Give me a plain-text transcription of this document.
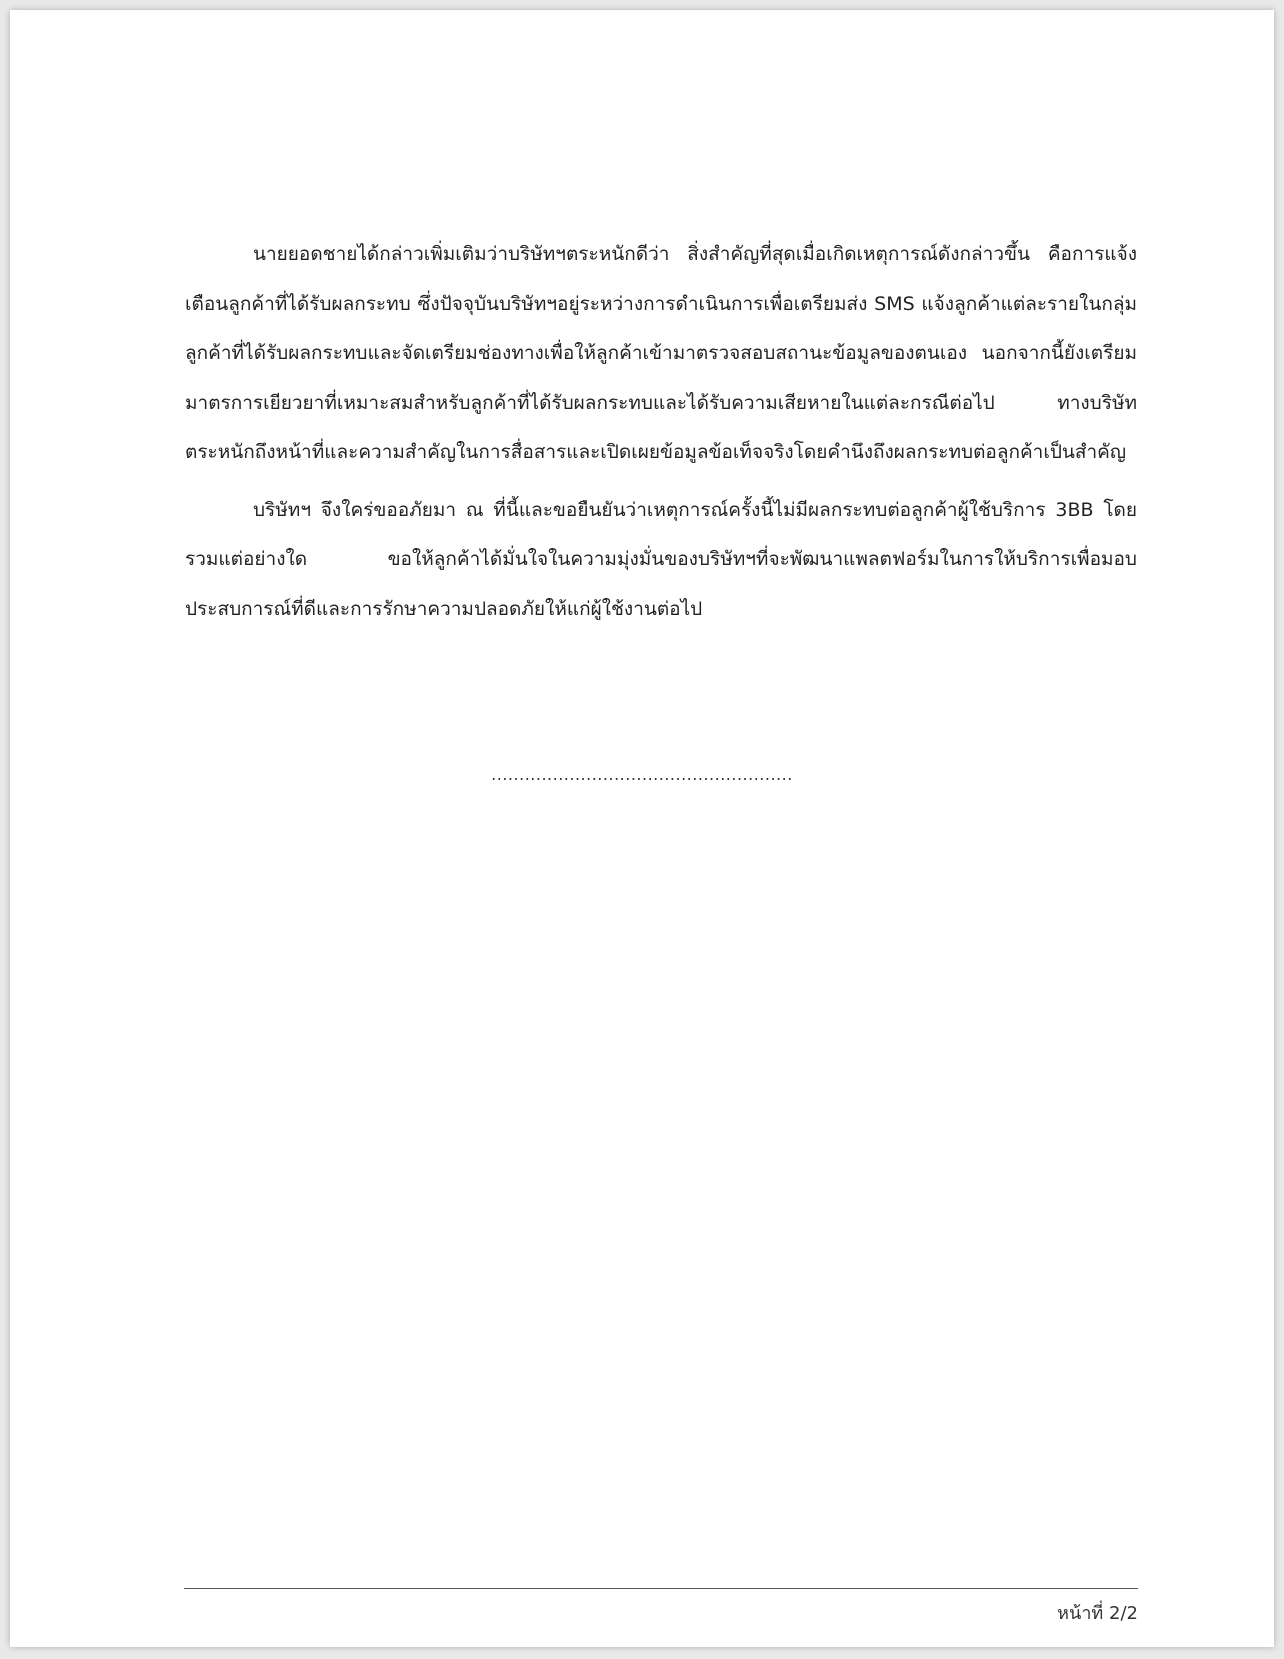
นายยอดชายได้กล่าวเพิ่มเติมว่าบริษัทฯตระหนักดีว่า สิ่งสำคัญที่สุดเมื่อเกิดเหตุการณ์ดังกล่าวขึ้น คือการแจ้งเตือนลูกค้าที่ได้รับผลกระทบ ซึ่งปัจจุบันบริษัทฯอยู่ระหว่างการดำเนินการเพื่อเตรียมส่ง SMS แจ้งลูกค้าแต่ละรายในกลุ่มลูกค้าที่ได้รับผลกระทบและจัดเตรียมช่องทางเพื่อให้ลูกค้าเข้ามาตรวจสอบสถานะข้อมูลของตนเอง นอกจากนี้ยังเตรียมมาตรการเยียวยาที่เหมาะสมสำหรับลูกค้าที่ได้รับผลกระทบและได้รับความเสียหายในแต่ละกรณีต่อไป ทางบริษัทตระหนักถึงหน้าที่และความสำคัญในการสื่อสารและเปิดเผยข้อมูลข้อเท็จจริงโดยคำนึงถึงผลกระทบต่อลูกค้าเป็นสำคัญ

บริษัทฯ จึงใคร่ขออภัยมา ณ ที่นี้และขอยืนยันว่าเหตุการณ์ครั้งนี้ไม่มีผลกระทบต่อลูกค้าผู้ใช้บริการ 3BB โดยรวมแต่อย่างใด ขอให้ลูกค้าได้มั่นใจในความมุ่งมั่นของบริษัทฯที่จะพัฒนาแพลตฟอร์มในการให้บริการเพื่อมอบประสบการณ์ที่ดีและการรักษาความปลอดภัยให้แก่ผู้ใช้งานต่อไป

......................................................
หน้าที่ 2/2
